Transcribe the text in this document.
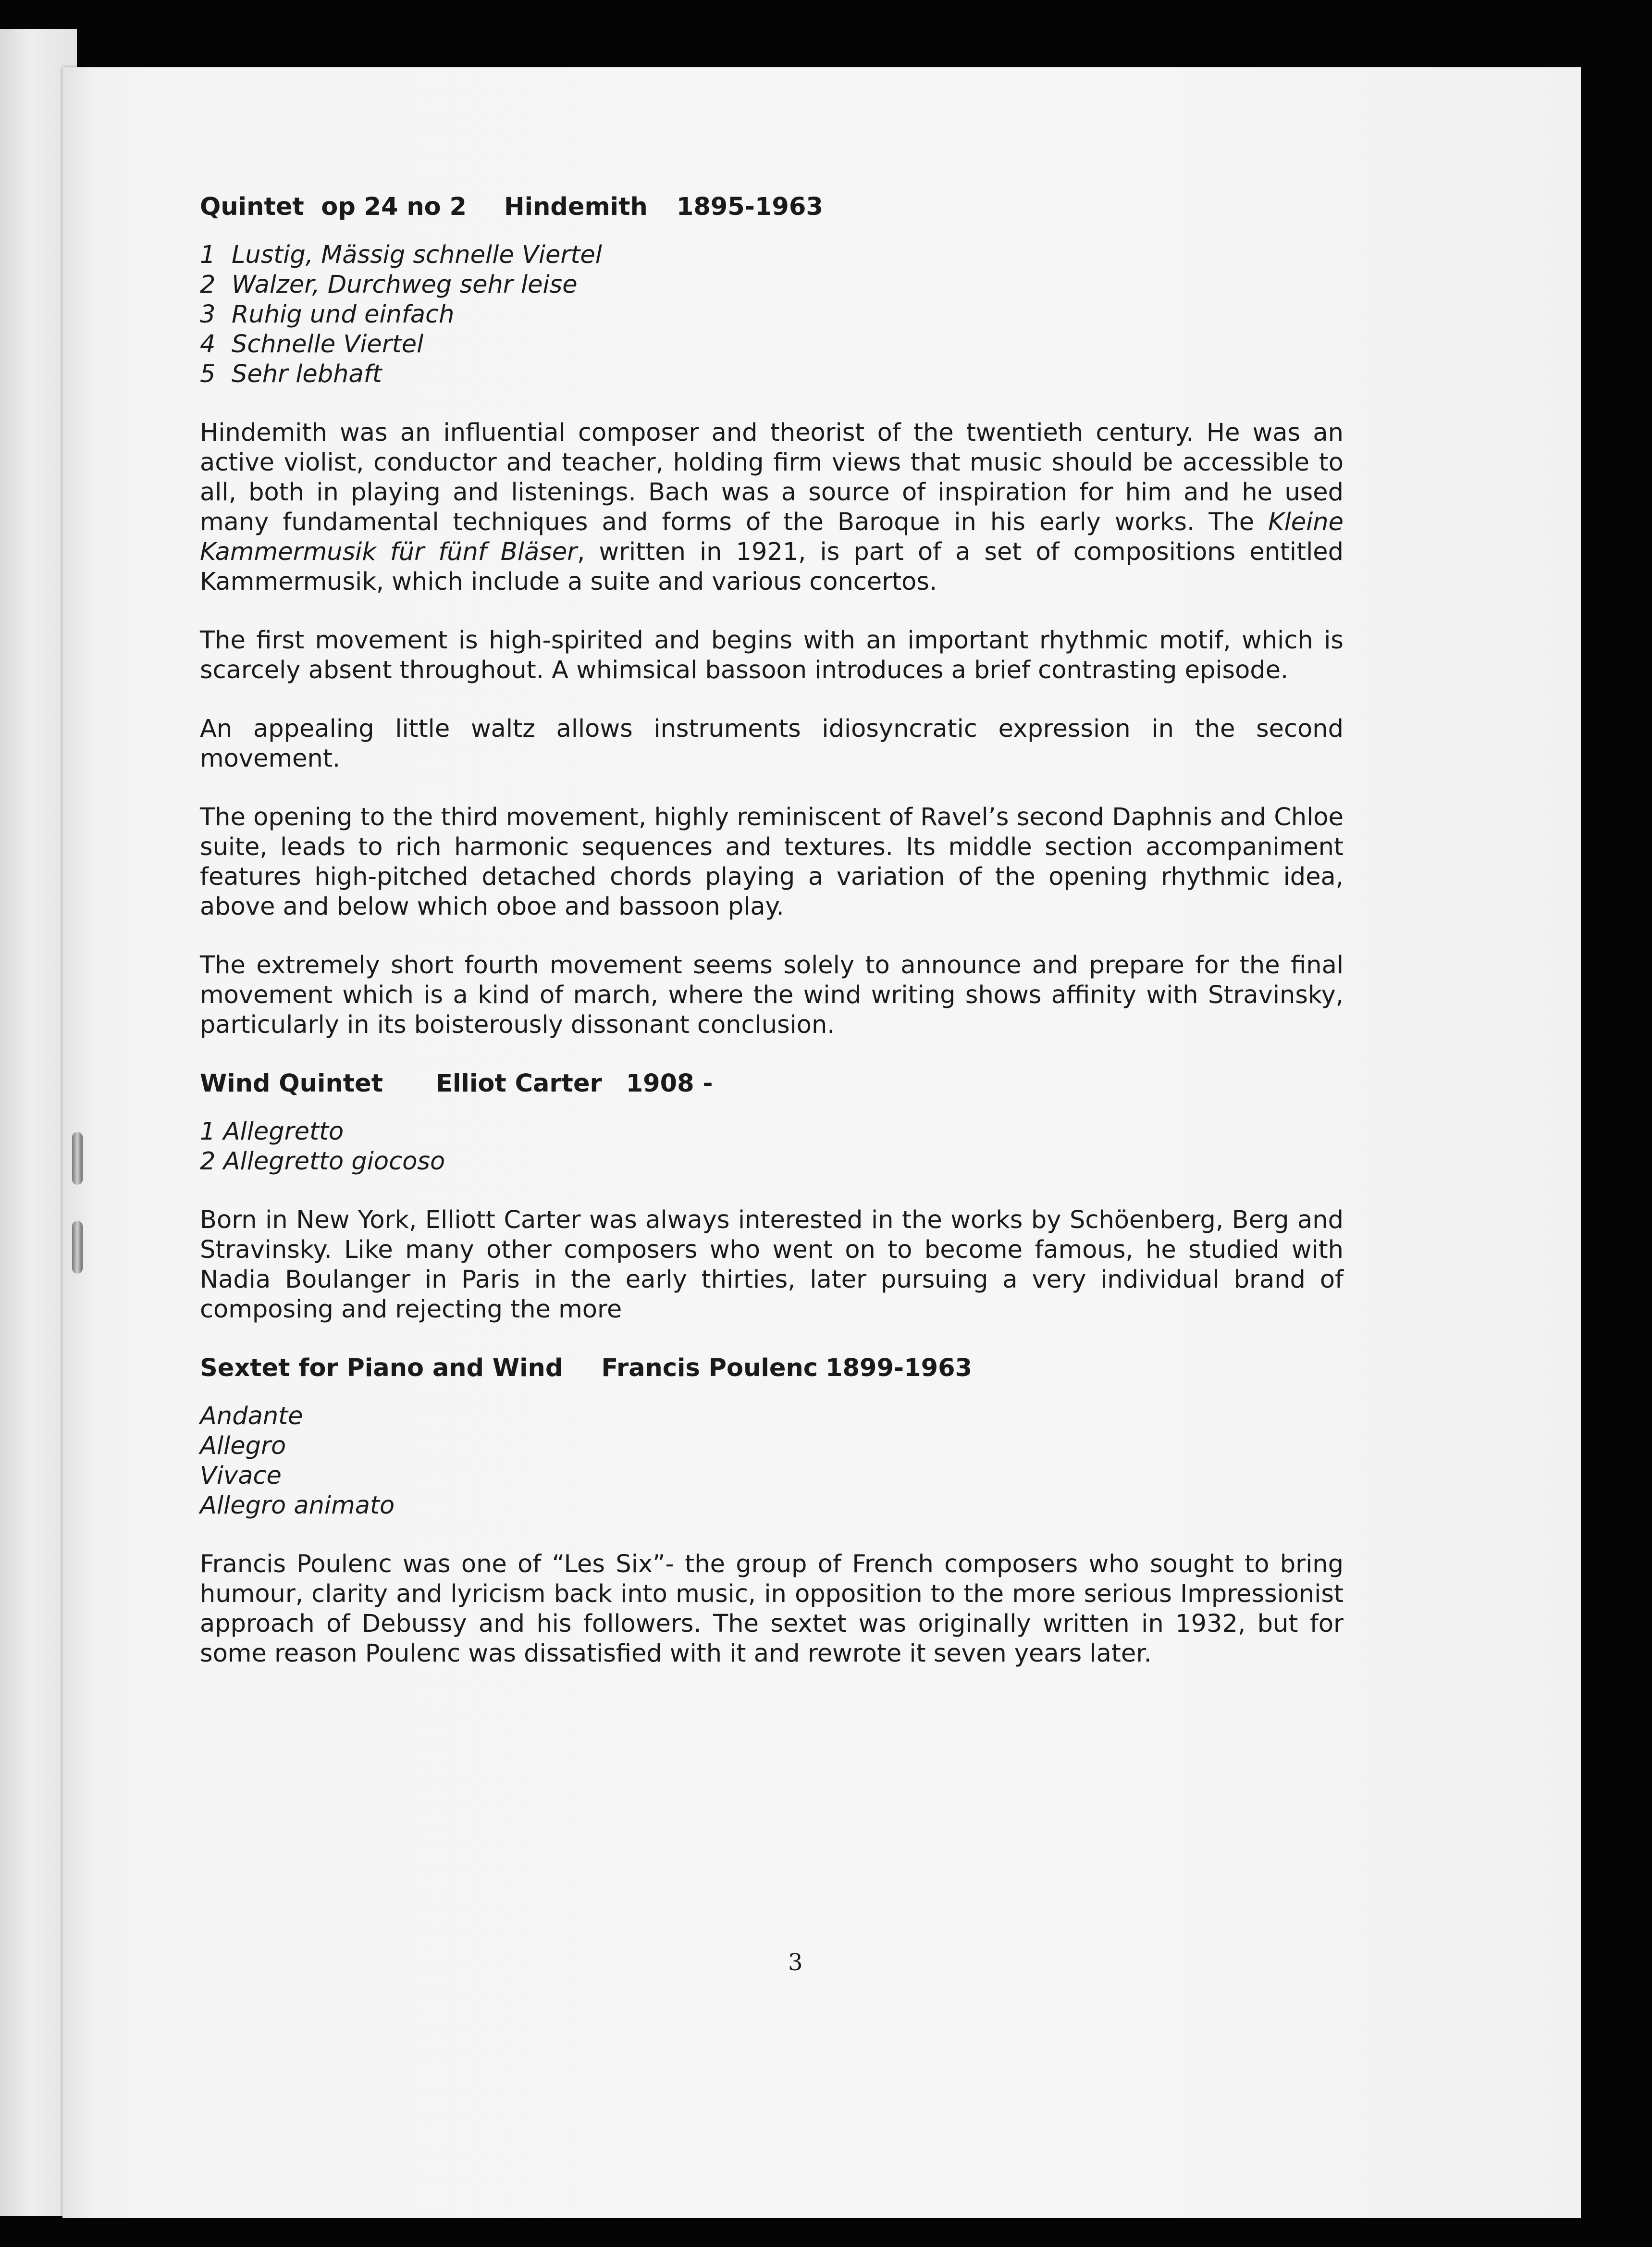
Quintet  op 24 no 2 Hindemith 1895-1963
1 Lustig, Mässig schnelle Viertel
2 Walzer, Durchweg sehr leise
3 Ruhig und einfach
4 Schnelle Viertel
5 Sehr lebhaft

Hindemith was an influential composer and theorist of the twentieth century. He was an active violist, conductor and teacher, holding firm views that music should be accessible to all, both in playing and listenings. Bach was a source of inspiration for him and he used many fundamental techniques and forms of the Baroque in his early works. The Kleine Kammermusik für fünf Bläser, written in 1921, is part of a set of compositions entitled Kammermusik, which include a suite and various concertos.

The first movement is high-spirited and begins with an important rhythmic motif, which is scarcely absent throughout. A whimsical bassoon introduces a brief contrasting episode.

An appealing little waltz allows instruments idiosyncratic expression in the second movement.

The opening to the third movement, highly reminiscent of Ravel’s second Daphnis and Chloe suite, leads to rich harmonic sequences and textures. Its middle section accompaniment features high-pitched detached chords playing a variation of the opening rhythmic idea, above and below which oboe and bassoon play.

The extremely short fourth movement seems solely to announce and prepare for the final movement which is a kind of march, where the wind writing shows affinity with Stravinsky, particularly in its boisterously dissonant conclusion.

Wind Quintet Elliot Carter 1908 -
1 Allegretto
2 Allegretto giocoso

Born in New York, Elliott Carter was always interested in the works by Schöenberg, Berg and Stravinsky. Like many other composers who went on to become famous, he studied with Nadia Boulanger in Paris in the early thirties, later pursuing a very individual brand of composing and rejecting the more

Sextet for Piano and Wind Francis Poulenc 1899-1963
Andante
Allegro
Vivace
Allegro animato

Francis Poulenc was one of “Les Six”- the group of French composers who sought to bring humour, clarity and lyricism back into music, in opposition to the more serious Impressionist approach of Debussy and his followers. The sextet was originally written in 1932, but for some reason Poulenc was dissatisfied with it and rewrote it seven years later.

3
